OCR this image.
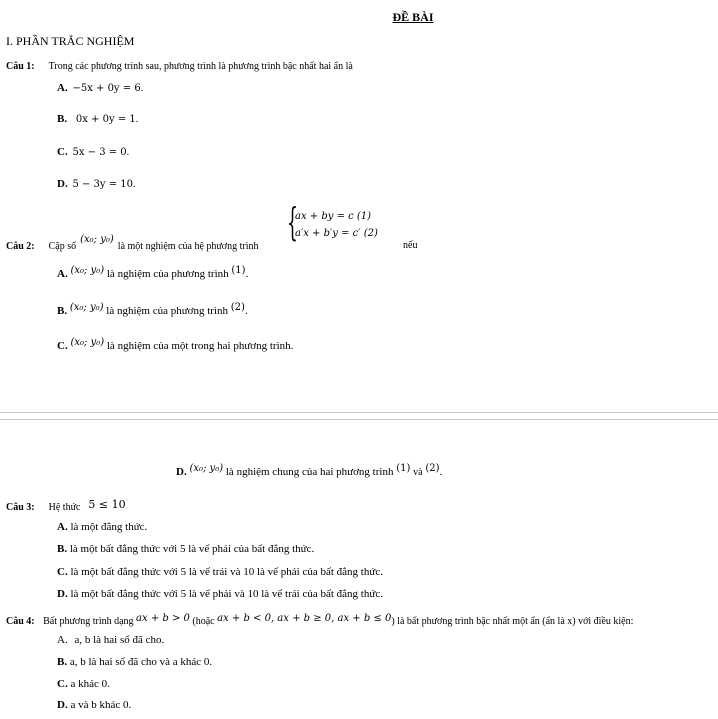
ĐỀ BÀI
I. PHẦN TRẮC NGHIỆM
Câu 1: Trong các phương trình sau, phương trình là phương trình bậc nhất hai ẩn là
A. −5x + 0y = 6.
B. 0x + 0y = 1.
C. 5x − 3 = 0.
D. 5 − 3y = 10.
Câu 2: Cặp số $^{(x_0; y_0)}$ là một nghiệm của hệ phương trình
{
ax + by = c (1)
a′x + b′y = c′ (2)
nếu
A. (x₀; y₀) là nghiệm của phương trình (1).
B. (x₀; y₀) là nghiệm của phương trình (2).
C. (x₀; y₀) là nghiệm của một trong hai phương trình.
D. (x₀; y₀) là nghiệm chung của hai phương trình (1) và (2).
Câu 3: Hệ thức 5 ≤ 10
A. là một đẳng thức.
B. là một bất đẳng thức với 5 là vế phải của bất đẳng thức.
C. là một bất đẳng thức với 5 là vế trái và 10 là vế phải của bất đẳng thức.
D. là một bất đẳng thức với 5 là vế phải và 10 là vế trái của bất đẳng thức.
Câu 4: Bất phương trình dạng ax + b > 0 (hoặc ax + b < 0, ax + b ≥ 0, ax + b ≤ 0) là bất phương trình bậc nhất một ẩn (ẩn là x) với điều kiện:
A. a, b là hai số đã cho.
B. a, b là hai số đã cho và a khác 0.
C. a khác 0.
D. a và b khác 0.
